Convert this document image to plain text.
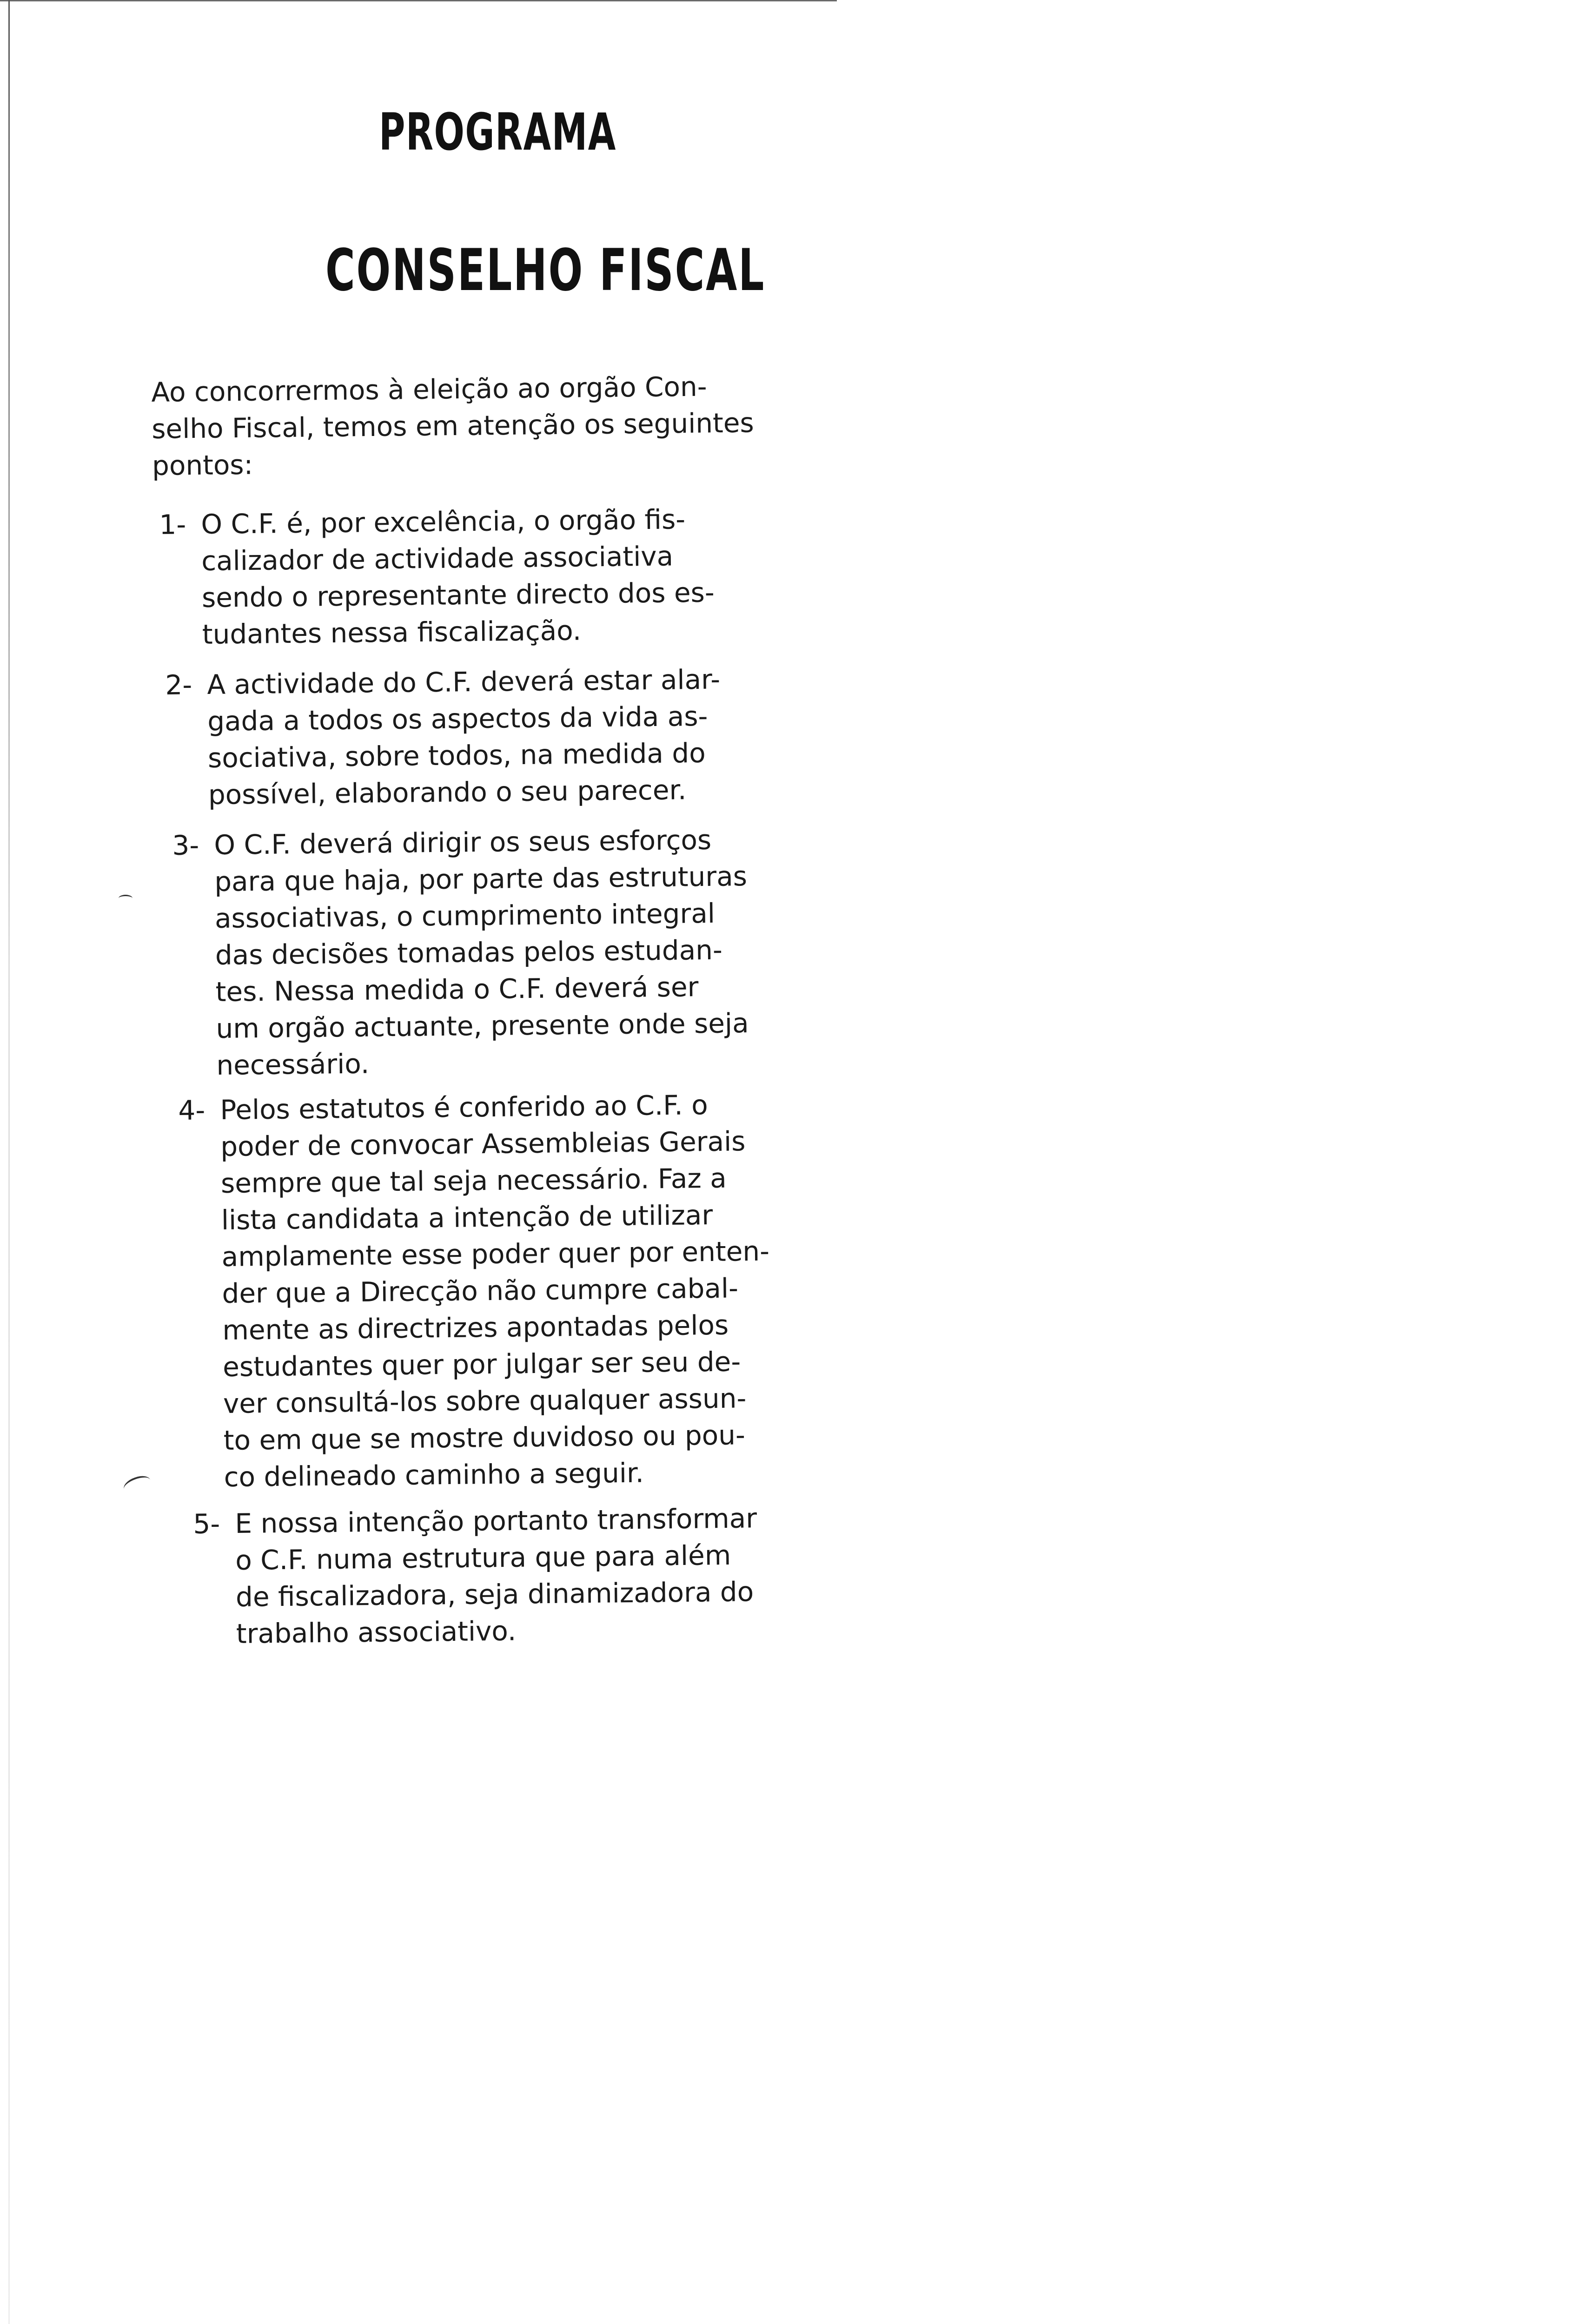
PROGRAMA
CONSELHO FISCAL

Ao concorrermos à eleição ao orgão Con-
selho Fiscal, temos em atenção os seguintes
pontos:

1- O C.F. é, por excelência, o orgão fis-
calizador de actividade associativa
sendo o representante directo dos es-
tudantes nessa fiscalização.
2- A actividade do C.F. deverá estar alar-
gada a todos os aspectos da vida as-
sociativa, sobre todos, na medida do
possível, elaborando o seu parecer.
3- O C.F. deverá dirigir os seus esforços
para que haja, por parte das estruturas
associativas, o cumprimento integral
das decisões tomadas pelos estudan-
tes. Nessa medida o C.F. deverá ser
um orgão actuante, presente onde seja
necessário.
4- Pelos estatutos é conferido ao C.F. o
poder de convocar Assembleias Gerais
sempre que tal seja necessário. Faz a
lista candidata a intenção de utilizar
amplamente esse poder quer por enten-
der que a Direcção não cumpre cabal-
mente as directrizes apontadas pelos
estudantes quer por julgar ser seu de-
ver consultá-los sobre qualquer assun-
to em que se mostre duvidoso ou pou-
co delineado caminho a seguir.
5- E nossa intenção portanto transformar
o C.F. numa estrutura que para além
de fiscalizadora, seja dinamizadora do
trabalho associativo.
